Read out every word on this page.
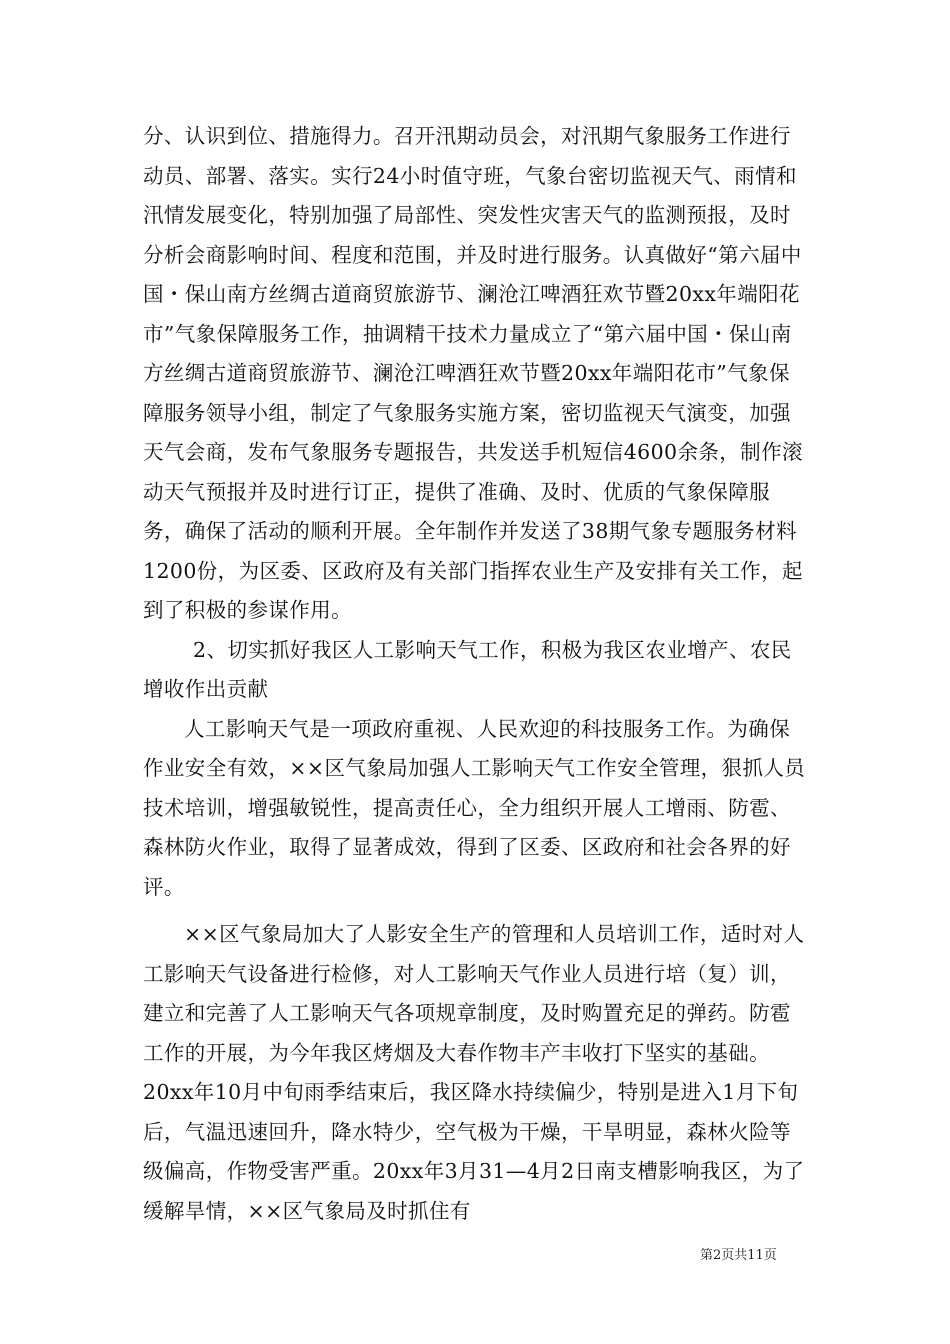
分、认识到位、措施得力。召开汛期动员会，对汛期气象服务工作进行动员、部署、落实。实行24小时值守班，气象台密切监视天气、雨情和汛情发展变化，特别加强了局部性、突发性灾害天气的监测预报，及时分析会商影响时间、程度和范围，并及时进行服务。认真做好“第六届中国・保山南方丝绸古道商贸旅游节、澜沧江啤酒狂欢节暨20xx年端阳花市”气象保障服务工作，抽调精干技术力量成立了“第六届中国・保山南方丝绸古道商贸旅游节、澜沧江啤酒狂欢节暨20xx年端阳花市”气象保障服务领导小组，制定了气象服务实施方案，密切监视天气演变，加强天气会商，发布气象服务专题报告，共发送手机短信4600余条，制作滚动天气预报并及时进行订正，提供了准确、及时、优质的气象保障服务，确保了活动的顺利开展。全年制作并发送了38期气象专题服务材料1200份，为区委、区政府及有关部门指挥农业生产及安排有关工作，起到了积极的参谋作用。

2、切实抓好我区人工影响天气工作，积极为我区农业增产、农民增收作出贡献

人工影响天气是一项政府重视、人民欢迎的科技服务工作。为确保作业安全有效，××区气象局加强人工影响天气工作安全管理，狠抓人员技术培训，增强敏锐性，提高责任心，全力组织开展人工增雨、防雹、森林防火作业，取得了显著成效，得到了区委、区政府和社会各界的好评。

××区气象局加大了人影安全生产的管理和人员培训工作，适时对人工影响天气设备进行检修，对人工影响天气作业人员进行培（复）训，建立和完善了人工影响天气各项规章制度，及时购置充足的弹药。防雹工作的开展，为今年我区烤烟及大春作物丰产丰收打下坚实的基础。20xx年10月中旬雨季结束后，我区降水持续偏少，特别是进入1月下旬后，气温迅速回升，降水特少，空气极为干燥，干旱明显，森林火险等级偏高，作物受害严重。20xx年3月31—4月2日南支槽影响我区，为了缓解旱情，××区气象局及时抓住有

第2页共11页
